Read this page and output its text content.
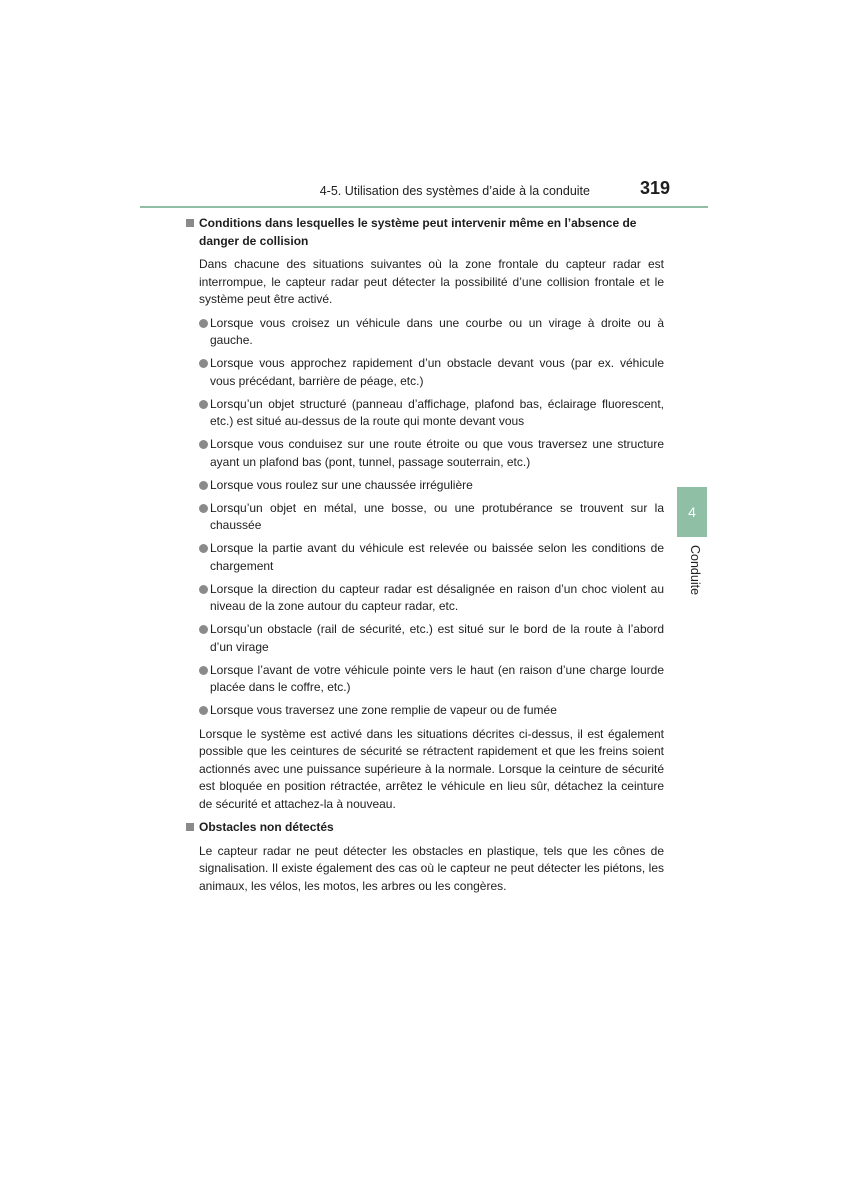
4-5. Utilisation des systèmes d’aide à la conduite	319
Conditions dans lesquelles le système peut intervenir même en l’absence de danger de collision
Dans chacune des situations suivantes où la zone frontale du capteur radar est interrompue, le capteur radar peut détecter la possibilité d’une collision frontale et le système peut être activé.
Lorsque vous croisez un véhicule dans une courbe ou un virage à droite ou à gauche.
Lorsque vous approchez rapidement d’un obstacle devant vous (par ex. véhicule vous précédant, barrière de péage, etc.)
Lorsqu’un objet structuré (panneau d’affichage, plafond bas, éclairage fluorescent, etc.) est situé au-dessus de la route qui monte devant vous
Lorsque vous conduisez sur une route étroite ou que vous traversez une structure ayant un plafond bas (pont, tunnel, passage souterrain, etc.)
Lorsque vous roulez sur une chaussée irrégulière
Lorsqu’un objet en métal, une bosse, ou une protubérance se trouvent sur la chaussée
Lorsque la partie avant du véhicule est relevée ou baissée selon les conditions de chargement
Lorsque la direction du capteur radar est désalignée en raison d’un choc violent au niveau de la zone autour du capteur radar, etc.
Lorsqu’un obstacle (rail de sécurité, etc.) est situé sur le bord de la route à l’abord d’un virage
Lorsque l’avant de votre véhicule pointe vers le haut (en raison d’une charge lourde placée dans le coffre, etc.)
Lorsque vous traversez une zone remplie de vapeur ou de fumée
Lorsque le système est activé dans les situations décrites ci-dessus, il est également possible que les ceintures de sécurité se rétractent rapidement et que les freins soient actionnés avec une puissance supérieure à la normale. Lorsque la ceinture de sécurité est bloquée en position rétractée, arrêtez le véhicule en lieu sûr, détachez la ceinture de sécurité et attachez-la à nouveau.
Obstacles non détectés
Le capteur radar ne peut détecter les obstacles en plastique, tels que les cônes de signalisation. Il existe également des cas où le capteur ne peut détecter les piétons, les animaux, les vélos, les motos, les arbres ou les congères.
4
Conduite
